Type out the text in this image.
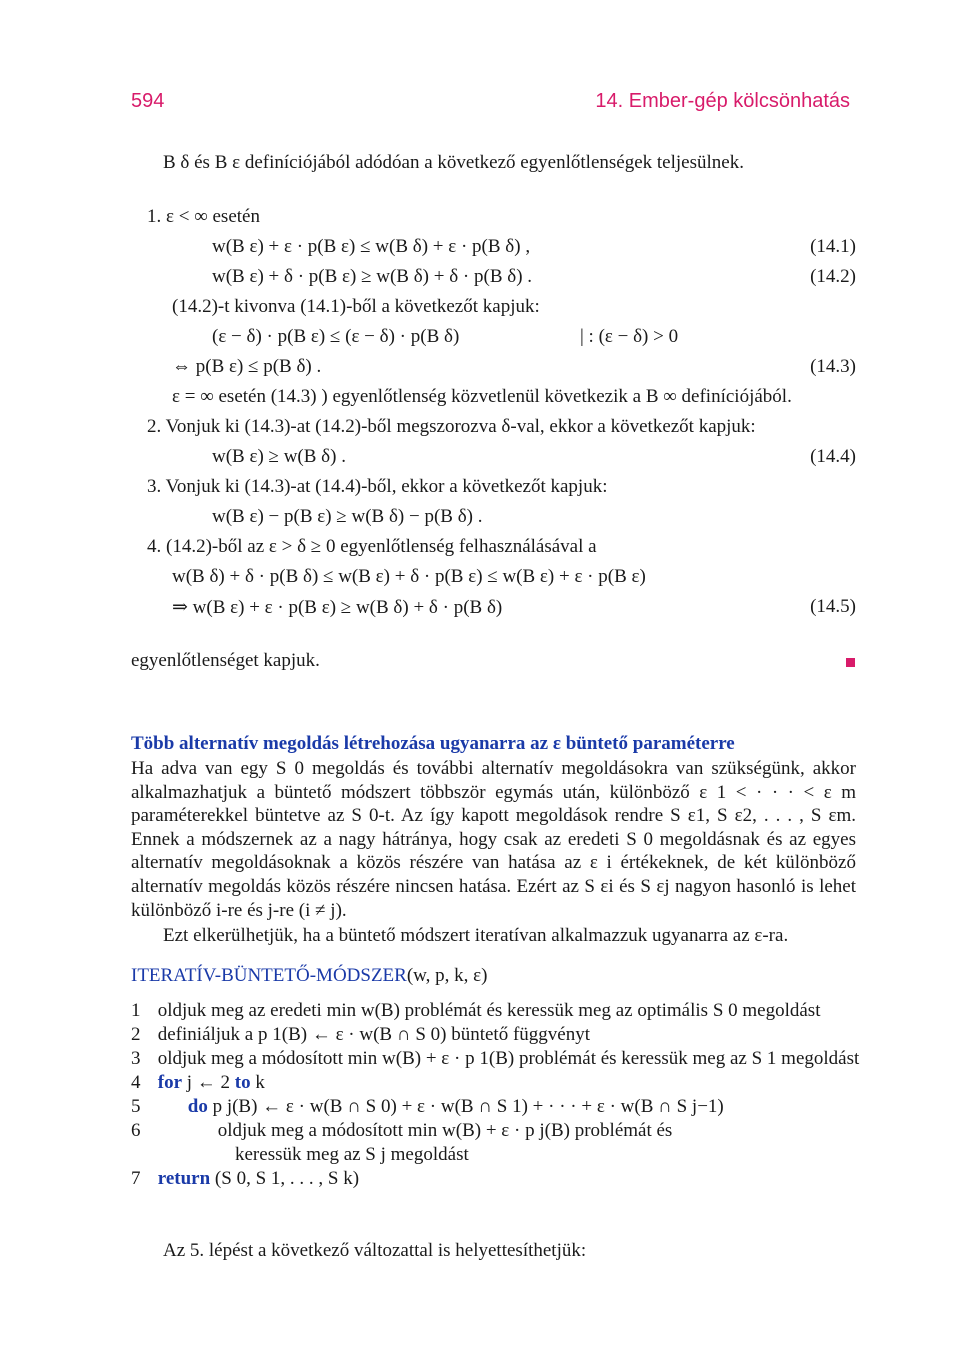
594	14. Ember-gép kölcsönhatás
B δ és B ε definíciójából adódóan a következő egyenlőtlenségek teljesülnek.
1. ε < ∞ esetén
w(B ε) + ε · p(B ε) ≤ w(B δ) + ε · p(B δ) ,	(14.1)
w(B ε) + δ · p(B ε) ≥ w(B δ) + δ · p(B δ) .	(14.2)
(14.2)-t kivonva (14.1)-ből a következőt kapjuk:
(ε − δ) · p(B ε) ≤ (ε − δ) · p(B δ)	| : (ε − δ) > 0
⇔ p(B ε) ≤ p(B δ) .	(14.3)
ε = ∞ esetén (14.3) ) egyenlőtlenség közvetlenül következik a B ∞ definíciójából.
2. Vonjuk ki (14.3)-at (14.2)-ből megszorozva δ-val, ekkor a következőt kapjuk:
w(B ε) ≥ w(B δ) .	(14.4)
3. Vonjuk ki (14.3)-at (14.4)-ből, ekkor a következőt kapjuk:
w(B ε) − p(B ε) ≥ w(B δ) − p(B δ) .
4. (14.2)-ből az ε > δ ≥ 0 egyenlőtlenség felhasználásával a
w(B δ) + δ · p(B δ) ≤ w(B ε) + δ · p(B ε) ≤ w(B ε) + ε · p(B ε)
⇒ w(B ε) + ε · p(B ε) ≥ w(B δ) + δ · p(B δ)	(14.5)
egyenlőtlenséget kapjuk.
Több alternatív megoldás létrehozása ugyanarra az ε büntető paraméterre
Ha adva van egy S 0 megoldás és további alternatív megoldásokra van szükségünk, akkor alkalmazhatjuk a büntető módszert többször egymás után, különböző ε 1 < · · · < ε m paraméterekkel büntetve az S 0-t. Az így kapott megoldások rendre S ε1, S ε2, . . . , S εm. Ennek a módszernek az a nagy hátránya, hogy csak az eredeti S 0 megoldásnak és az egyes alternatív megoldásoknak a közös részére van hatása az ε i értékeknek, de két különböző alternatív megoldás közös részére nincsen hatása. Ezért az S εi és S εj nagyon hasonló is lehet különböző i-re és j-re (i ≠ j).
Ezt elkerülhetjük, ha a büntető módszert iteratívan alkalmazzuk ugyanarra az ε-ra.
ITERATÍV-BÜNTETŐ-MÓDSZER(w, p, k, ε)
1 oldjuk meg az eredeti min w(B) problémát és keressük meg az optimális S 0 megoldást
2 definiáljuk a p 1(B) ← ε · w(B ∩ S 0) büntető függvényt
3 oldjuk meg a módosított min w(B) + ε · p 1(B) problémát és keressük meg az S 1 megoldást
4 for j ← 2 to k
5 do p j(B) ← ε · w(B ∩ S 0) + ε · w(B ∩ S 1) + · · · + ε · w(B ∩ S j−1)
6	oldjuk meg a módosított min w(B) + ε · p j(B) problémát és
keressük meg az S j megoldást
7 return (S 0, S 1, . . . , S k)
Az 5. lépést a következő változattal is helyettesíthetjük:
